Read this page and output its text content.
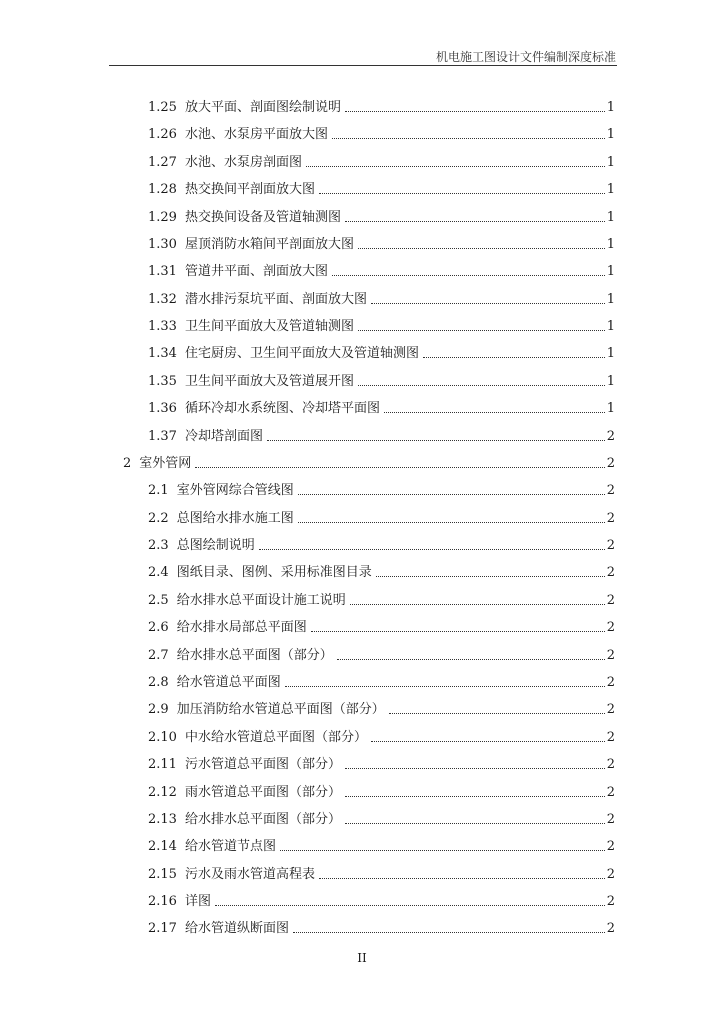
机电施工图设计文件编制深度标准
1.25 放大平面、剖面图绘制说明	1
1.26 水池、水泵房平面放大图	1
1.27 水池、水泵房剖面图	1
1.28 热交换间平剖面放大图	1
1.29 热交换间设备及管道轴测图	1
1.30 屋顶消防水箱间平剖面放大图	1
1.31 管道井平面、剖面放大图	1
1.32 潜水排污泵坑平面、剖面放大图	1
1.33 卫生间平面放大及管道轴测图	1
1.34 住宅厨房、卫生间平面放大及管道轴测图	1
1.35 卫生间平面放大及管道展开图	1
1.36 循环冷却水系统图、冷却塔平面图	1
1.37 冷却塔剖面图	2
2 室外管网	2
2.1 室外管网综合管线图	2
2.2 总图给水排水施工图	2
2.3 总图绘制说明	2
2.4 图纸目录、图例、采用标准图目录	2
2.5 给水排水总平面设计施工说明	2
2.6 给水排水局部总平面图	2
2.7 给水排水总平面图（部分）	2
2.8 给水管道总平面图	2
2.9 加压消防给水管道总平面图（部分）	2
2.10 中水给水管道总平面图（部分）	2
2.11 污水管道总平面图（部分）	2
2.12 雨水管道总平面图（部分）	2
2.13 给水排水总平面图（部分）	2
2.14 给水管道节点图	2
2.15 污水及雨水管道高程表	2
2.16 详图	2
2.17 给水管道纵断面图	2
II
